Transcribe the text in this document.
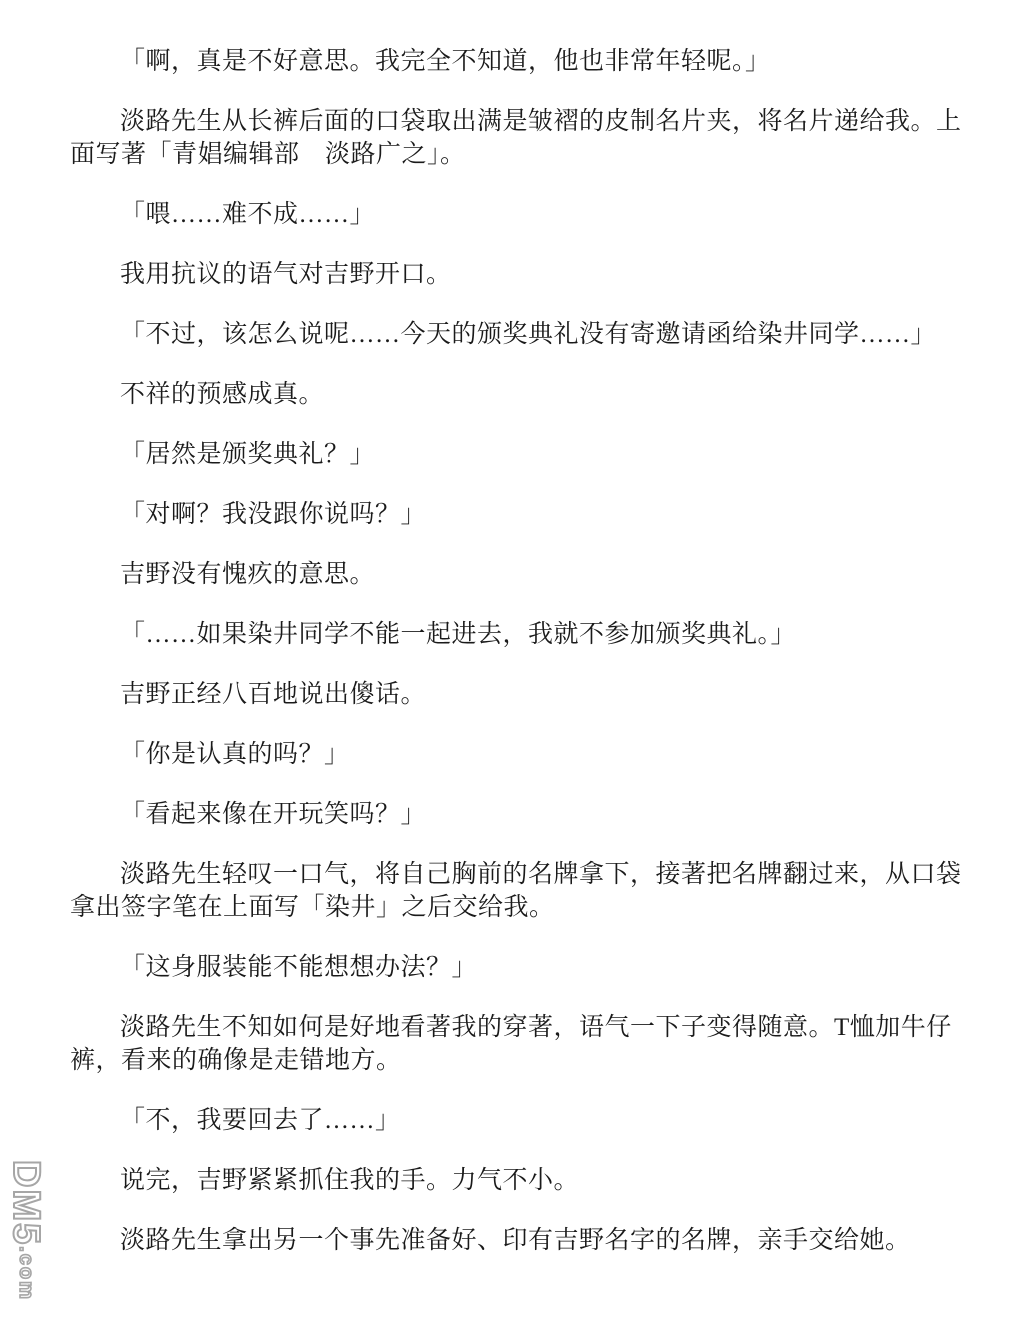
「啊，真是不好意思。我完全不知道，他也非常年轻呢。」

淡路先生从长裤后面的口袋取出满是皱褶的皮制名片夹，将名片递给我。上面写著「青娼编辑部　淡路广之」。

「喂……难不成……」

我用抗议的语气对吉野开口。

「不过，该怎么说呢……今天的颁奖典礼没有寄邀请函给染井同学……」

不祥的预感成真。

「居然是颁奖典礼？」

「对啊？我没跟你说吗？」

吉野没有愧疚的意思。

「……如果染井同学不能一起进去，我就不参加颁奖典礼。」

吉野正经八百地说出傻话。

「你是认真的吗？」

「看起来像在开玩笑吗？」

淡路先生轻叹一口气，将自己胸前的名牌拿下，接著把名牌翻过来，从口袋拿出签字笔在上面写「染井」之后交给我。

「这身服装能不能想想办法？」

淡路先生不知如何是好地看著我的穿著，语气一下子变得随意。T恤加牛仔裤，看来的确像是走错地方。

「不，我要回去了……」

说完，吉野紧紧抓住我的手。力气不小。

淡路先生拿出另一个事先准备好、印有吉野名字的名牌，亲手交给她。

DM5
.com
